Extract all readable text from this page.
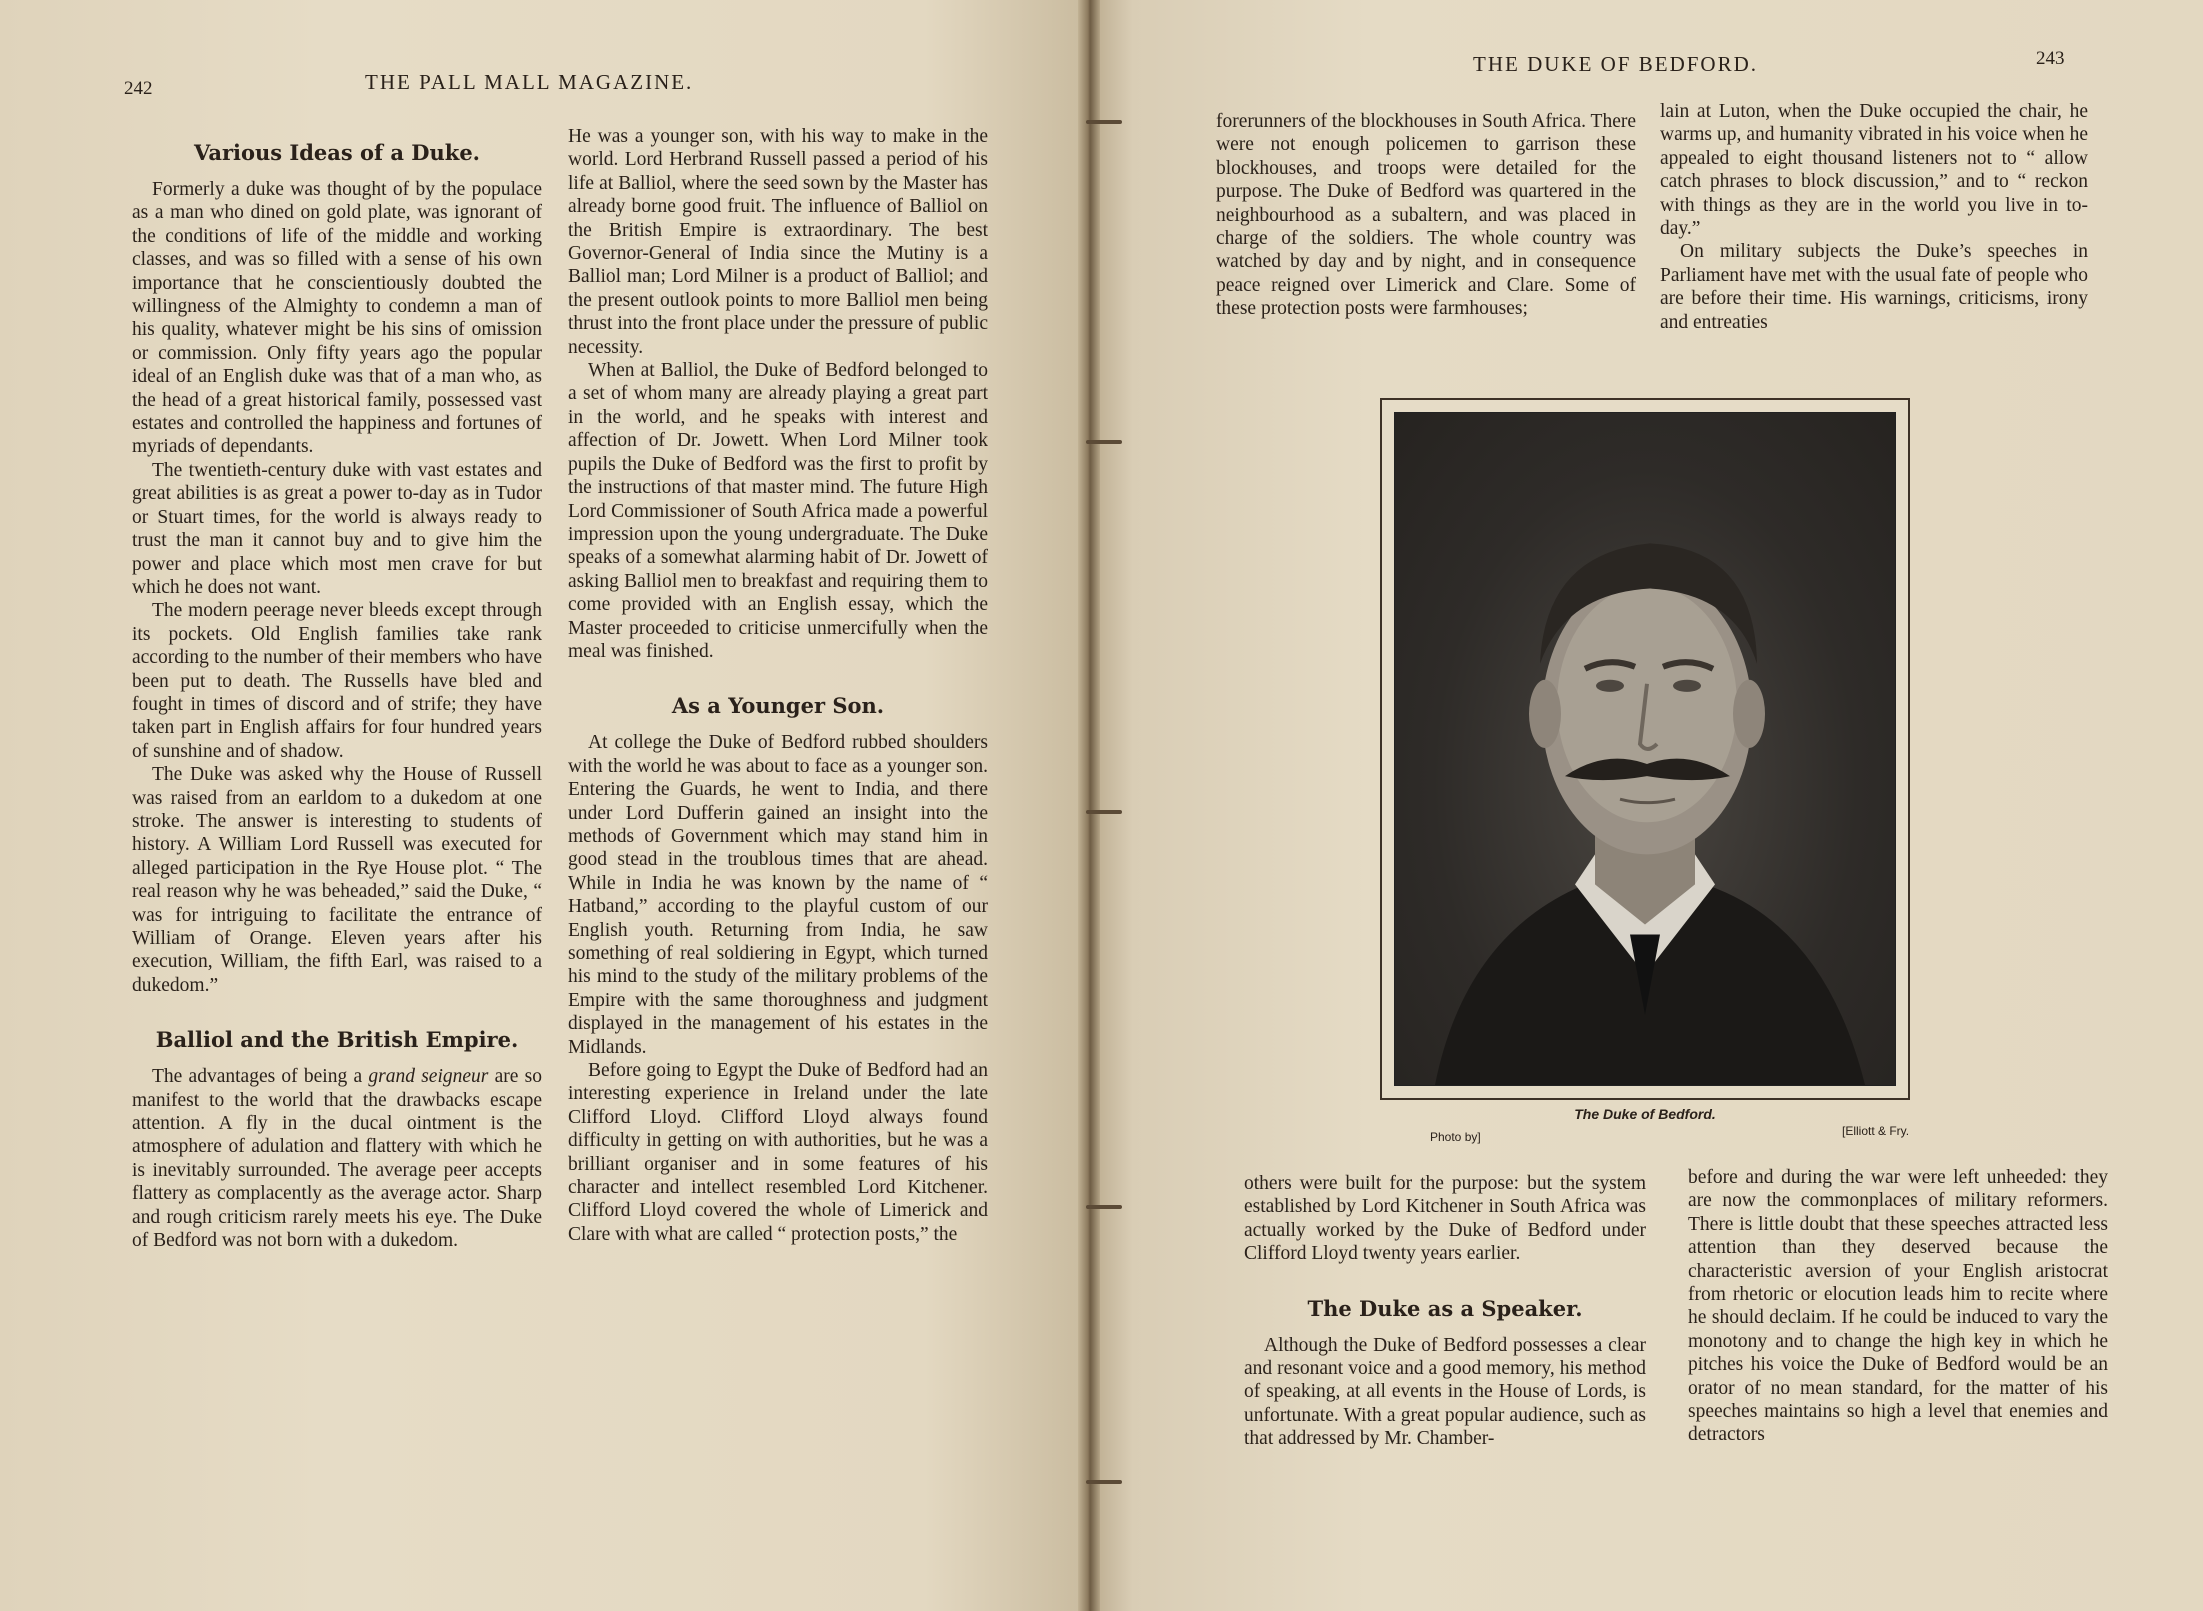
242	THE PALL MALL MAGAZINE.
Various Ideas of a Duke.

Formerly a duke was thought of by the populace as a man who dined on gold plate, was ignorant of the conditions of life of the middle and working classes, and was so filled with a sense of his own importance that he conscientiously doubted the willingness of the Almighty to condemn a man of his quality, whatever might be his sins of omission or commission. Only fifty years ago the popular ideal of an English duke was that of a man who, as the head of a great historical family, possessed vast estates and controlled the happiness and fortunes of myriads of dependants.

The twentieth-century duke with vast estates and great abilities is as great a power to-day as in Tudor or Stuart times, for the world is always ready to trust the man it cannot buy and to give him the power and place which most men crave for but which he does not want.

The modern peerage never bleeds except through its pockets. Old English families take rank according to the number of their members who have been put to death. The Russells have bled and fought in times of discord and of strife; they have taken part in English affairs for four hundred years of sunshine and of shadow.

The Duke was asked why the House of Russell was raised from an earldom to a dukedom at one stroke. The answer is interesting to students of history. A William Lord Russell was executed for alleged participation in the Rye House plot. “ The real reason why he was beheaded,” said the Duke, “ was for intriguing to facilitate the entrance of William of Orange. Eleven years after his execution, William, the fifth Earl, was raised to a dukedom.”

Balliol and the British Empire.

The advantages of being a grand seigneur are so manifest to the world that the drawbacks escape attention. A fly in the ducal ointment is the atmosphere of adulation and flattery with which he is inevitably surrounded. The average peer accepts flattery as complacently as the average actor. Sharp and rough criticism rarely meets his eye. The Duke of Bedford was not born with a dukedom.

He was a younger son, with his way to make in the world. Lord Herbrand Russell passed a period of his life at Balliol, where the seed sown by the Master has already borne good fruit. The influence of Balliol on the British Empire is extraordinary. The best Governor-General of India since the Mutiny is a Balliol man; Lord Milner is a product of Balliol; and the present outlook points to more Balliol men being thrust into the front place under the pressure of public necessity.

When at Balliol, the Duke of Bedford belonged to a set of whom many are already playing a great part in the world, and he speaks with interest and affection of Dr. Jowett. When Lord Milner took pupils the Duke of Bedford was the first to profit by the instructions of that master mind. The future High Lord Commissioner of South Africa made a powerful impression upon the young undergraduate. The Duke speaks of a somewhat alarming habit of Dr. Jowett of asking Balliol men to breakfast and requiring them to come provided with an English essay, which the Master proceeded to criticise unmercifully when the meal was finished.

As a Younger Son.

At college the Duke of Bedford rubbed shoulders with the world he was about to face as a younger son. Entering the Guards, he went to India, and there under Lord Dufferin gained an insight into the methods of Government which may stand him in good stead in the troublous times that are ahead. While in India he was known by the name of “ Hatband,” according to the playful custom of our English youth. Returning from India, he saw something of real soldiering in Egypt, which turned his mind to the study of the military problems of the Empire with the same thoroughness and judgment displayed in the management of his estates in the Midlands.

Before going to Egypt the Duke of Bedford had an interesting experience in Ireland under the late Clifford Lloyd. Clifford Lloyd always found difficulty in getting on with authorities, but he was a brilliant organiser and in some features of his character and intellect resembled Lord Kitchener. Clifford Lloyd covered the whole of Limerick and Clare with what are called “ protection posts,” the

THE DUKE OF BEDFORD.	243

forerunners of the blockhouses in South Africa. There were not enough policemen to garrison these blockhouses, and troops were detailed for the purpose. The Duke of Bedford was quartered in the neighbourhood as a subaltern, and was placed in charge of the soldiers. The whole country was watched by day and by night, and in consequence peace reigned over Limerick and Clare. Some of these protection posts were farmhouses;

lain at Luton, when the Duke occupied the chair, he warms up, and humanity vibrated in his voice when he appealed to eight thousand listeners not to “ allow catch phrases to block discussion,” and to “ reckon with things as they are in the world you live in to-day.”

On military subjects the Duke’s speeches in Parliament have met with the usual fate of people who are before their time. His warnings, criticisms, irony and entreaties

others were built for the purpose: but the system established by Lord Kitchener in South Africa was actually worked by the Duke of Bedford under Clifford Lloyd twenty years earlier.

The Duke as a Speaker.

Although the Duke of Bedford possesses a clear and resonant voice and a good memory, his method of speaking, at all events in the House of Lords, is unfortunate. With a great popular audience, such as that addressed by Mr. Chamber-

before and during the war were left unheeded: they are now the commonplaces of military reformers. There is little doubt that these speeches attracted less attention than they deserved because the characteristic aversion of your English aristocrat from rhetoric or elocution leads him to recite where he should declaim. If he could be induced to vary the monotony and to change the high key in which he pitches his voice the Duke of Bedford would be an orator of no mean standard, for the matter of his speeches maintains so high a level that enemies and detractors

The Duke of Bedford.
Photo by]	[Elliott & Fry.
